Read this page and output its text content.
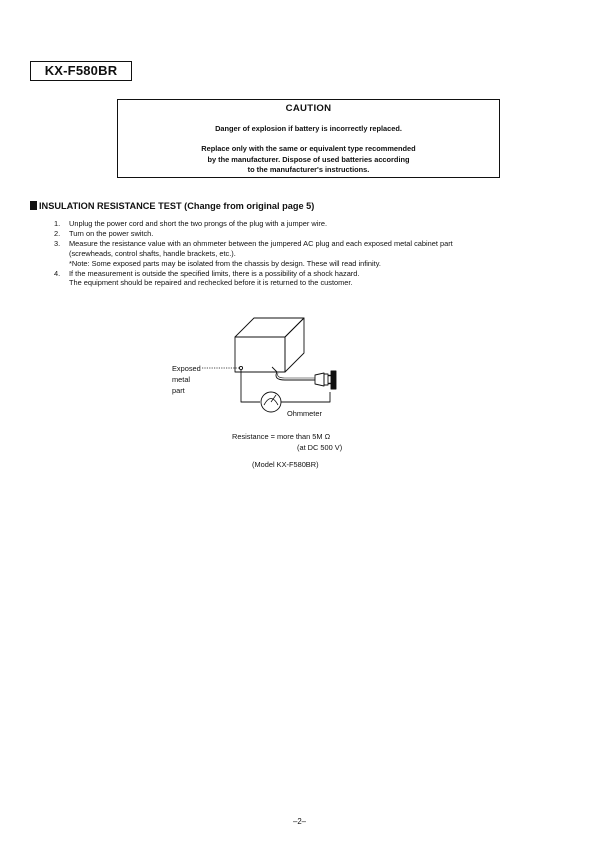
KX-F580BR
CAUTION
Danger of explosion if battery is incorrectly replaced.
Replace only with the same or equivalent type recommended
by the manufacturer. Dispose of used batteries according
to the manufacturer's instructions.
INSULATION RESISTANCE TEST (Change from original page 5)
1. Unplug the power cord and short the two prongs of the plug with a jumper wire.
2. Turn on the power switch.
3. Measure the resistance value with an ohmmeter between the jumpered AC plug and each exposed metal cabinet part
(screwheads, control shafts, handle brackets, etc.).
*Note: Some exposed parts may be isolated from the chassis by design. These will read infinity.
4. If the measurement is outside the specified limits, there is a possibility of a shock hazard.
The equipment should be repaired and rechecked before it is returned to the customer.
Exposed
metal
part
Ohmmeter
Resistance = more than 5M Ω
(at DC 500 V)
(Model KX-F580BR)
–2–
